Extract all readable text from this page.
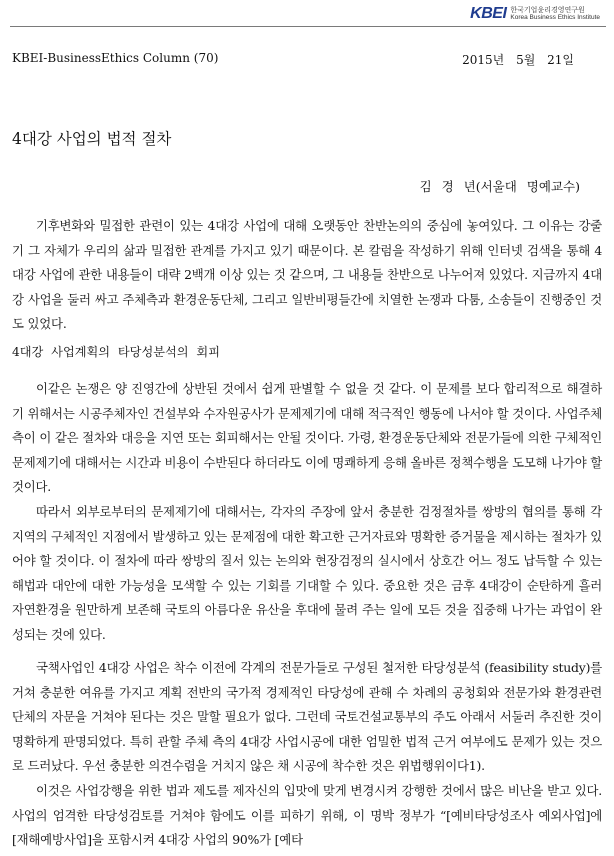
KBEI 한국기업윤리경영연구원
Korea Business Ethics Institute
KBEI-BusinessEthics Column (70)	2015년 5월 21일
4대강 사업의 법적 절차
김 경 년(서울대 명예교수)

기후변화와 밀접한 관련이 있는 4대강 사업에 대해 오랫동안 찬반논의의 중심에 놓여있다. 그 이유는 강줄기 그 자체가 우리의 삶과 밀접한 관계를 가지고 있기 때문이다. 본 칼럼을 작성하기 위해 인터넷 검색을 통해 4대강 사업에 관한 내용들이 대략 2백개 이상 있는 것 같으며, 그 내용들 찬반으로 나누어져 있었다. 지금까지 4대강 사업을 둘러 싸고 주체측과 환경운동단체, 그리고 일반비평들간에 치열한 논쟁과 다툼, 소송들이 진행중인 것도 있었다.

4대강 사업계획의 타당성분석의 회피

이같은 논쟁은 양 진영간에 상반된 것에서 쉽게 판별할 수 없을 것 같다. 이 문제를 보다 합리적으로 해결하기 위해서는 시공주체자인 건설부와 수자원공사가 문제제기에 대해 적극적인 행동에 나서야 할 것이다. 사업주체 측이 이 같은 절차와 대응을 지연 또는 회피해서는 안될 것이다. 가령, 환경운동단체와 전문가들에 의한 구체적인 문제제기에 대해서는 시간과 비용이 수반된다 하더라도 이에 명쾌하게 응해 올바른 정책수행을 도모해 나가야 할 것이다.

따라서 외부로부터의 문제제기에 대해서는, 각자의 주장에 앞서 충분한 검정절차를 쌍방의 협의를 통해 각 지역의 구체적인 지점에서 발생하고 있는 문제점에 대한 확고한 근거자료와 명확한 증거물을 제시하는 절차가 있어야 할 것이다. 이 절차에 따라 쌍방의 질서 있는 논의와 현장검정의 실시에서 상호간 어느 정도 납득할 수 있는 해법과 대안에 대한 가능성을 모색할 수 있는 기회를 기대할 수 있다. 중요한 것은 금후 4대강이 순탄하게 흘러 자연환경을 원만하게 보존해 국토의 아름다운 유산을 후대에 물려 주는 일에 모든 것을 집중해 나가는 과업이 완성되는 것에 있다.

국책사업인 4대강 사업은 착수 이전에 각계의 전문가들로 구성된 철저한 타당성분석 (feasibility study)를 거쳐 충분한 여유를 가지고 계획 전반의 국가적 경제적인 타당성에 관해 수 차례의 공청회와 전문가와 환경관련 단체의 자문을 거쳐야 된다는 것은 말할 필요가 없다. 그런데 국토건설교통부의 주도 아래서 서둘러 추진한 것이 명확하게 판명되었다. 특히 관할 주체 측의 4대강 사업시공에 대한 엄밀한 법적 근거 여부에도 문제가 있는 것으로 드러났다. 우선 충분한 의견수렴을 거치지 않은 채 시공에 착수한 것은 위법행위이다1).

이것은 사업강행을 위한 법과 제도를 제자신의 입맛에 맞게 변경시켜 강행한 것에서 많은 비난을 받고 있다. 사업의 엄격한 타당성검토를 거쳐야 함에도 이를 피하기 위해, 이 명박 정부가 “[예비타당성조사 예외사업]에 [재해예방사업]을 포함시켜 4대강 사업의 90%가 [예타
